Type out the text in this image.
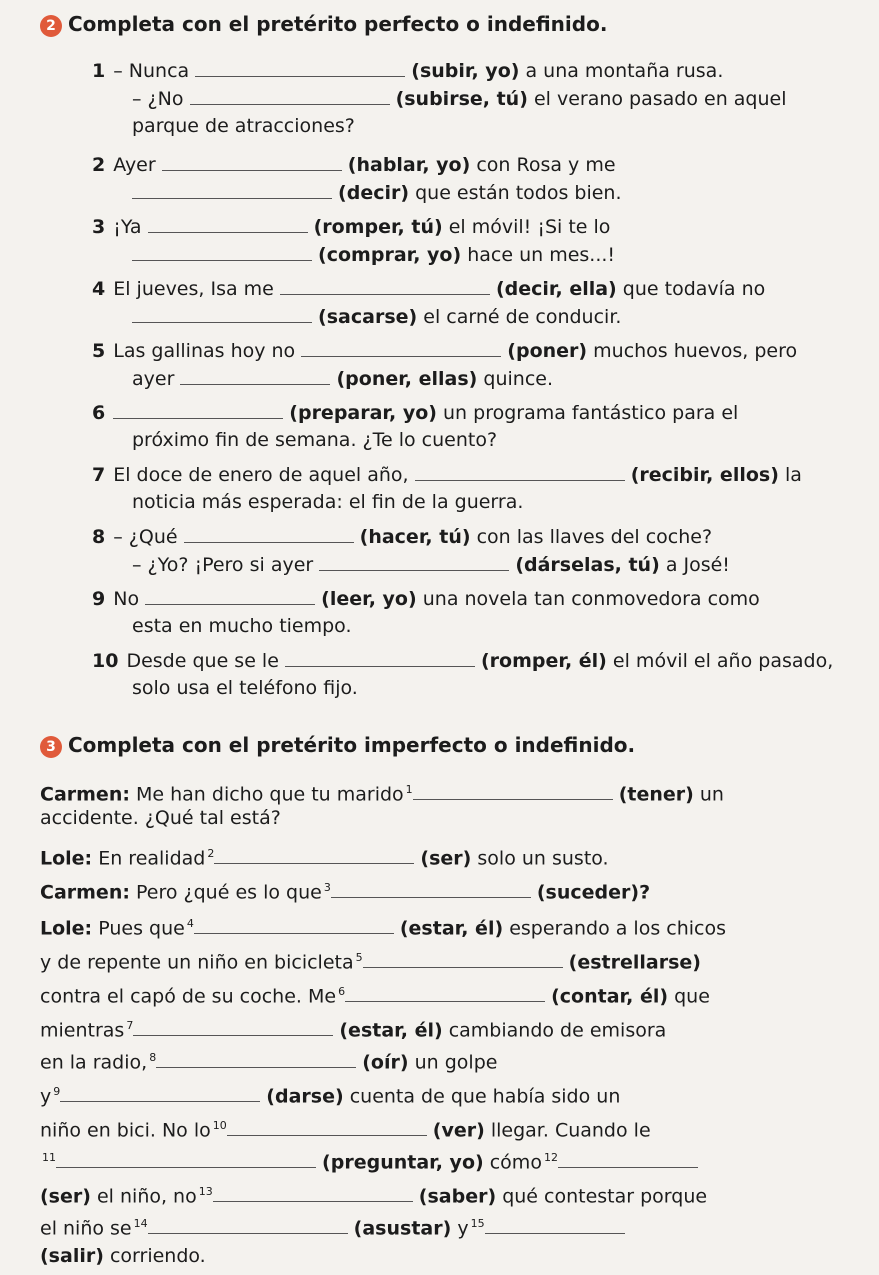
2 Completa con el pretérito perfecto o indefinido.
1 – Nunca	(subir, yo) a una montaña rusa.
– ¿No	(subirse, tú) el verano pasado en aquel
parque de atracciones?
2 Ayer	(hablar, yo) con Rosa y me
(decir) que están todos bien.
3 ¡Ya	(romper, tú) el móvil! ¡Si te lo
(comprar, yo) hace un mes...!
4 El jueves, Isa me	(decir, ella) que todavía no
(sacarse) el carné de conducir.
5 Las gallinas hoy no	(poner) muchos huevos, pero
ayer	(poner, ellas) quince.
6	(preparar, yo) un programa fantástico para el
próximo fin de semana. ¿Te lo cuento?
7 El doce de enero de aquel año,	(recibir, ellos) la
noticia más esperada: el fin de la guerra.
8 – ¿Qué	(hacer, tú) con las llaves del coche?
– ¿Yo? ¡Pero si ayer	(dárselas, tú) a José!
9 No	(leer, yo) una novela tan conmovedora como
esta en mucho tiempo.
10 Desde que se le	(romper, él) el móvil el año pasado,
solo usa el teléfono fijo.
3 Completa con el pretérito imperfecto o indefinido.
Carmen: Me han dicho que tu marido $^1$	(tener) un
accidente. ¿Qué tal está?
Lole: En realidad $^2$	(ser) solo un susto.
Carmen: Pero ¿qué es lo que $^3$	(suceder)?
Lole: Pues que $^4$	(estar, él) esperando a los chicos
y de repente un niño en bicicleta $^5$	(estrellarse)
contra el capó de su coche. Me $^6$	(contar, él) que
mientras $^7$	(estar, él) cambiando de emisora
en la radio, $^8$	(oír) un golpe
y $^9$	(darse) cuenta de que había sido un
niño en bici. No lo $^{10}$	(ver) llegar. Cuando le
$^{11}$	(preguntar, yo) cómo $^{12}$
(ser) el niño, no $^{13}$	(saber) qué contestar porque
el niño se $^{14}$	(asustar) y $^{15}$
(salir) corriendo.
